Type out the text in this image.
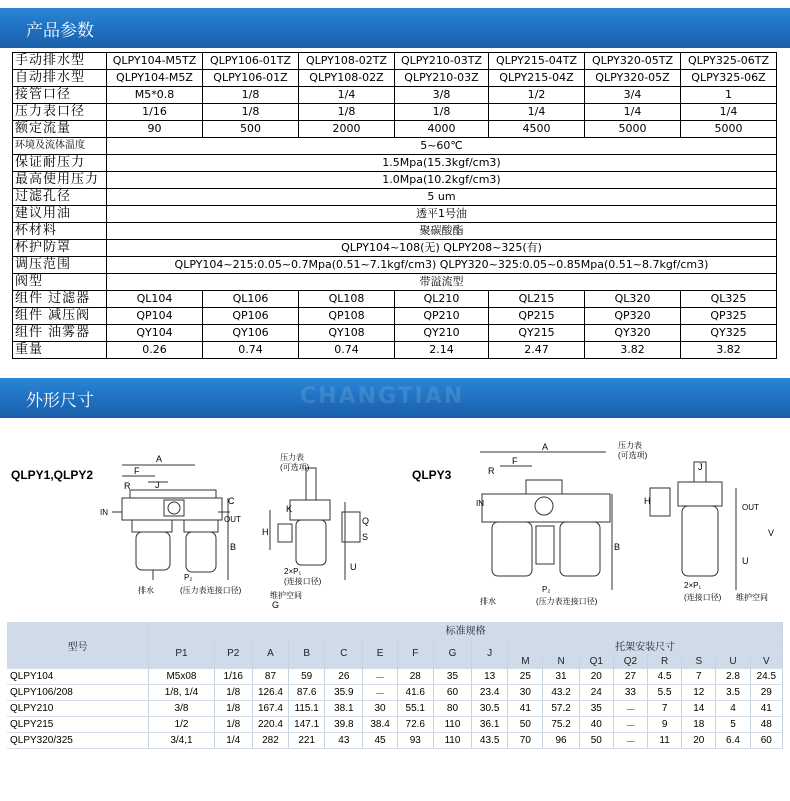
产品参数
手动排水型	QLPY104-M5TZ	QLPY106-01TZ	QLPY108-02TZ	QLPY210-03TZ	QLPY215-04TZ	QLPY320-05TZ	QLPY325-06TZ
自动排水型	QLPY104-M5Z	QLPY106-01Z	QLPY108-02Z	QLPY210-03Z	QLPY215-04Z	QLPY320-05Z	QLPY325-06Z
接管口径	M5*0.8	1/8	1/4	3/8	1/2	3/4	1
压力表口径	1/16	1/8	1/8	1/8	1/4	1/4	1/4
额定流量	90	500	2000	4000	4500	5000	5000
环境及流体温度	5~60℃						
保证耐压力	1.5Mpa(15.3kgf/cm3)						
最高使用压力	1.0Mpa(10.2kgf/cm3)						
过滤孔径	5 um						
建议用油	透平1号油						
杯材料	聚碳酸酯						
杯护防罩	QLPY104~108(无) QLPY208~325(有)						
调压范围	QLPY104~215:0.05~0.7Mpa(0.51~7.1kgf/cm3) QLPY320~325:0.05~0.85Mpa(0.51~8.7kgf/cm3)						
阀型	带溢流型						
组件 过滤器	QL104	QL106	QL108	QL210	QL215	QL320	QL325
组件 减压阀	QP104	QP106	QP108	QP210	QP215	QP320	QP325
组件 油雾器	QY104	QY106	QY108	QY210	QY215	QY320	QY325
重量	0.26	0.74	0.74	2.14	2.47	3.82	3.82
外形尺寸	CHANGTIAN
QLPY1,QLPY2	QLPY3
A
F
J
R
B
C
IN
OUT
P₂
(压力表连接口径)
排水
压力表
(可选项)
H
K
U
S
Q
2×P₁
(连接口径)
维护空间
G
A
F
R
IN
B
P₂
(压力表连接口径)
排水
压力表
(可选项)
J
H
OUT
U
V
2×P₁
(连接口径) 维护空间
型号	标准规格																
	P1	P2	A	B	C	E	F	G	J	托架安装尺寸							
										M	N	Q1	Q2	R	S	U	V
QLPY104	M5x08	1/16	87	59	26	－	28	35	13	25	31	20	27	4.5	7	2.8	24.5
QLPY106/208	1/8, 1/4	1/8	126.4	87.6	35.9	－	41.6	60	23.4	30	43.2	24	33	5.5	12	3.5	29
QLPY210	3/8	1/8	167.4	115.1	38.1	30	55.1	80	30.5	41	57.2	35	－	7	14	4	41
QLPY215	1/2	1/8	220.4	147.1	39.8	38.4	72.6	110	36.1	50	75.2	40	－	9	18	5	48
QLPY320/325	3/4,1	1/4	282	221	43	45	93	110	43.5	70	96	50	－	11	20	6.4	60
